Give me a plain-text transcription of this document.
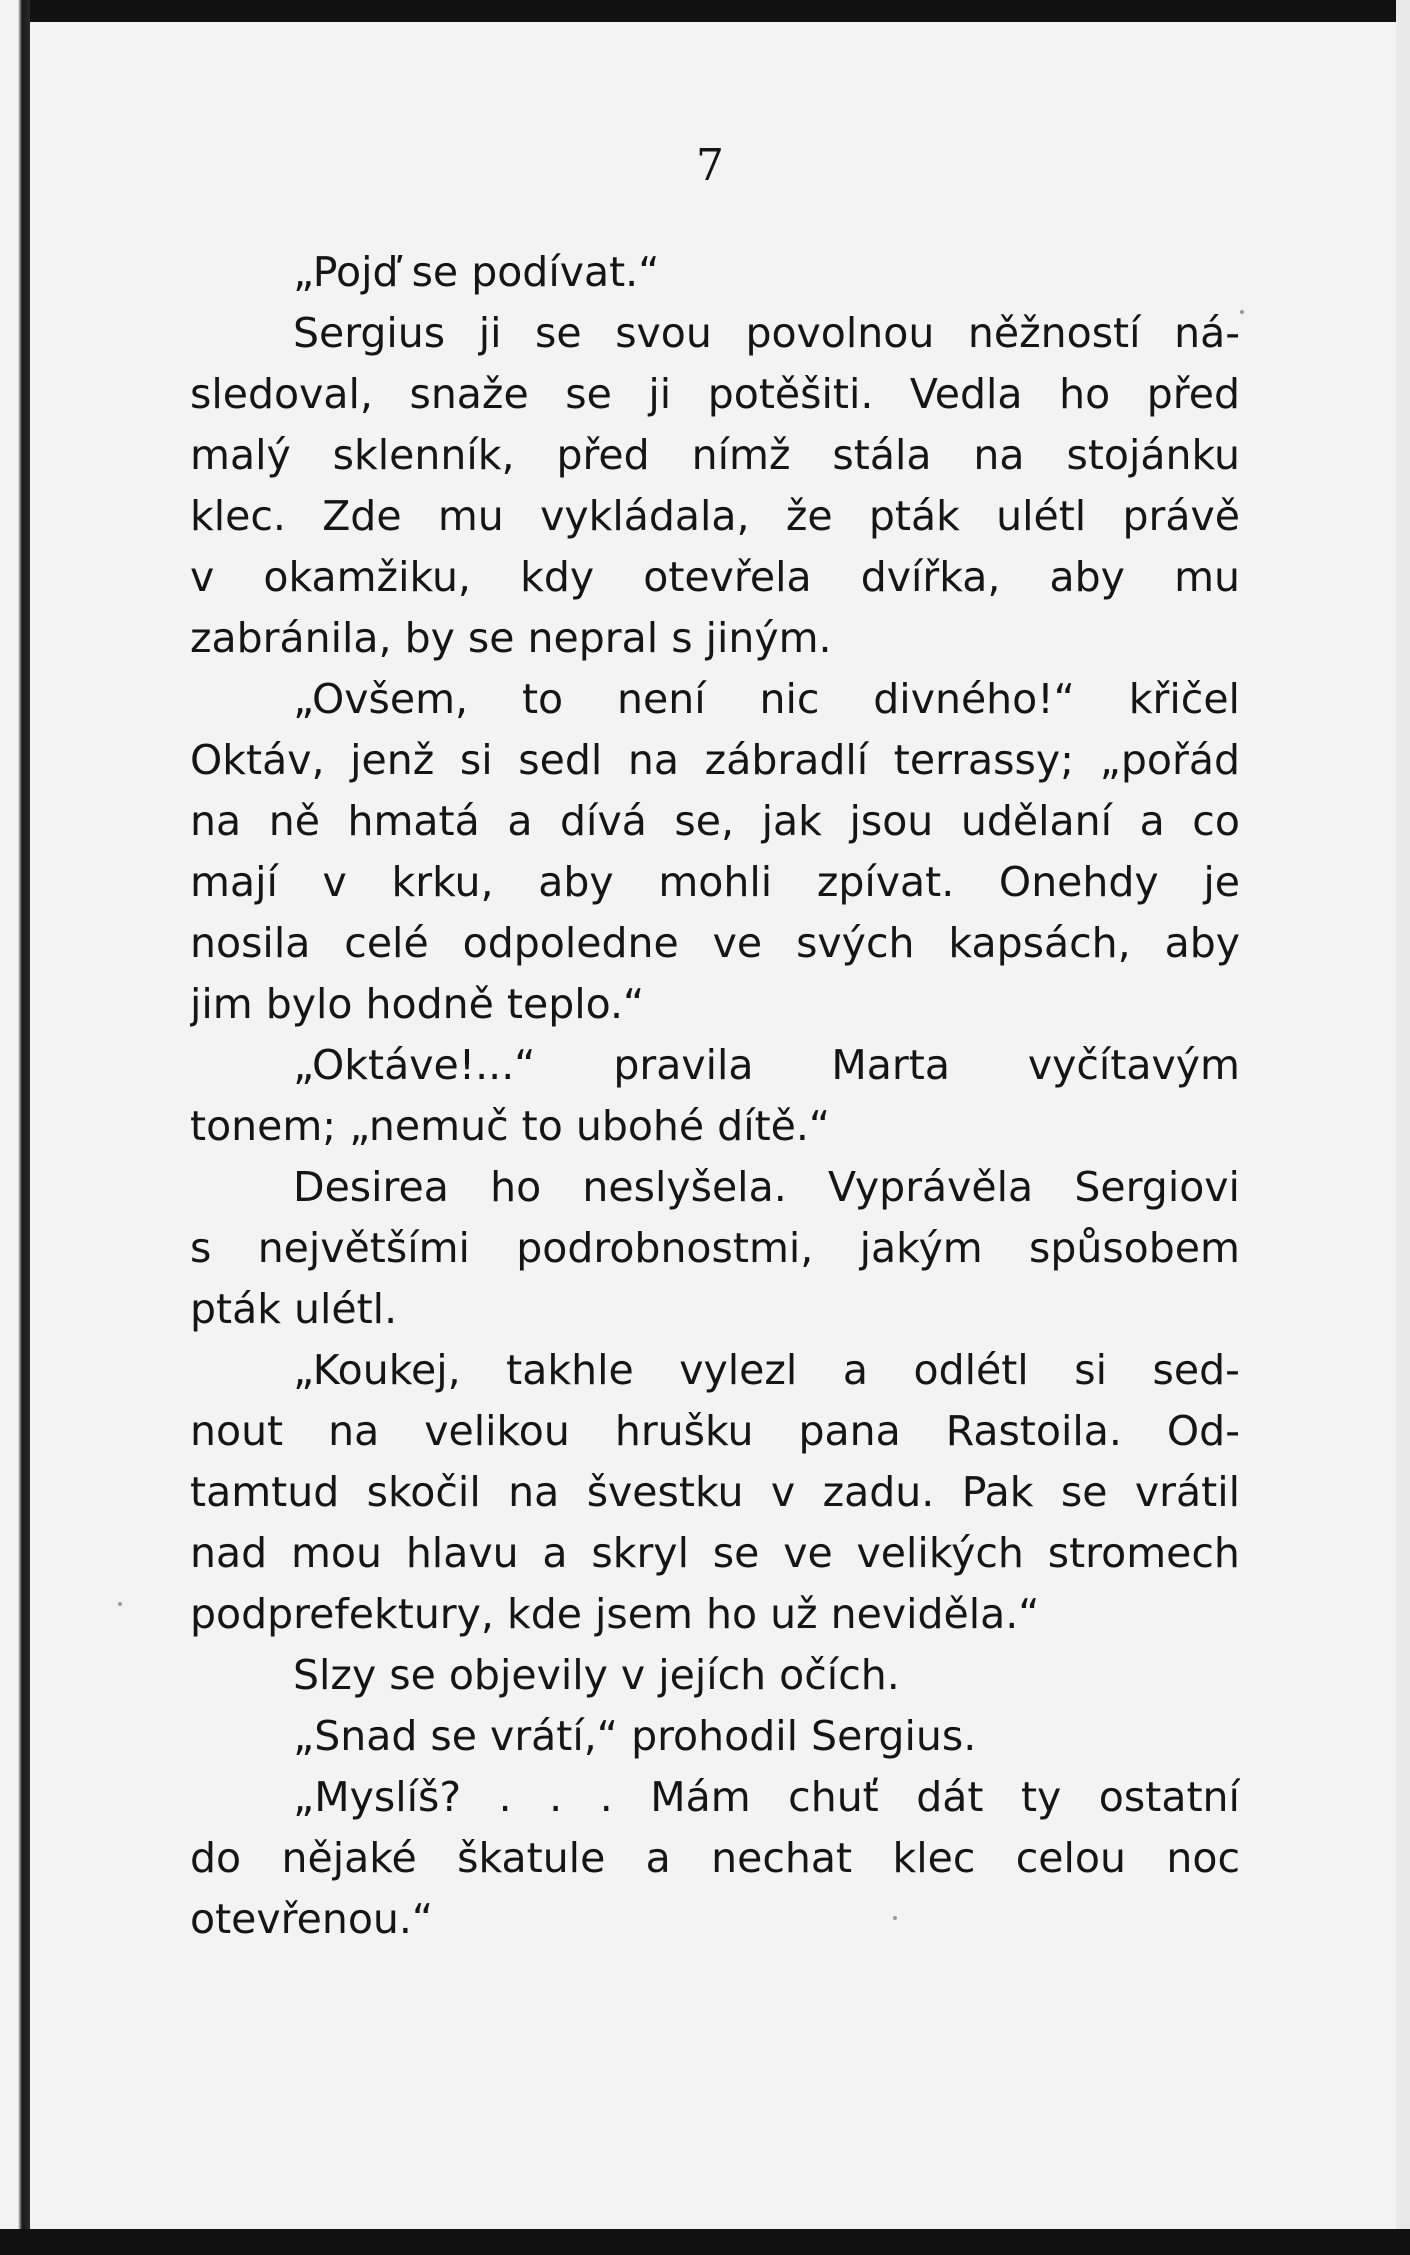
7
„Pojď se podívat.“
Sergius ji se svou povolnou něžností ná-
sledoval, snaže se ji potěšiti. Vedla ho před
malý sklenník, před nímž stála na stojánku
klec. Zde mu vykládala, že pták ulétl právě
v okamžiku, kdy otevřela dvířka, aby mu
zabránila, by se nepral s jiným.
„Ovšem, to není nic divného!“ křičel
Oktáv, jenž si sedl na zábradlí terrassy; „pořád
na ně hmatá a dívá se, jak jsou udělaní a co
mají v krku, aby mohli zpívat. Onehdy je
nosila celé odpoledne ve svých kapsách, aby
jim bylo hodně teplo.“
„Oktáve!...“ pravila Marta vyčítavým
tonem; „nemuč to ubohé dítě.“
Desirea ho neslyšela. Vyprávěla Sergiovi
s největšími podrobnostmi, jakým spůsobem
pták ulétl.
„Koukej, takhle vylezl a odlétl si sed-
nout na velikou hrušku pana Rastoila. Od-
tamtud skočil na švestku v zadu. Pak se vrátil
nad mou hlavu a skryl se ve velikých stromech
podprefektury, kde jsem ho už neviděla.“
Slzy se objevily v jejích očích.
„Snad se vrátí,“ prohodil Sergius.
„Myslíš? . . . Mám chuť dát ty ostatní
do nějaké škatule a nechat klec celou noc
otevřenou.“
